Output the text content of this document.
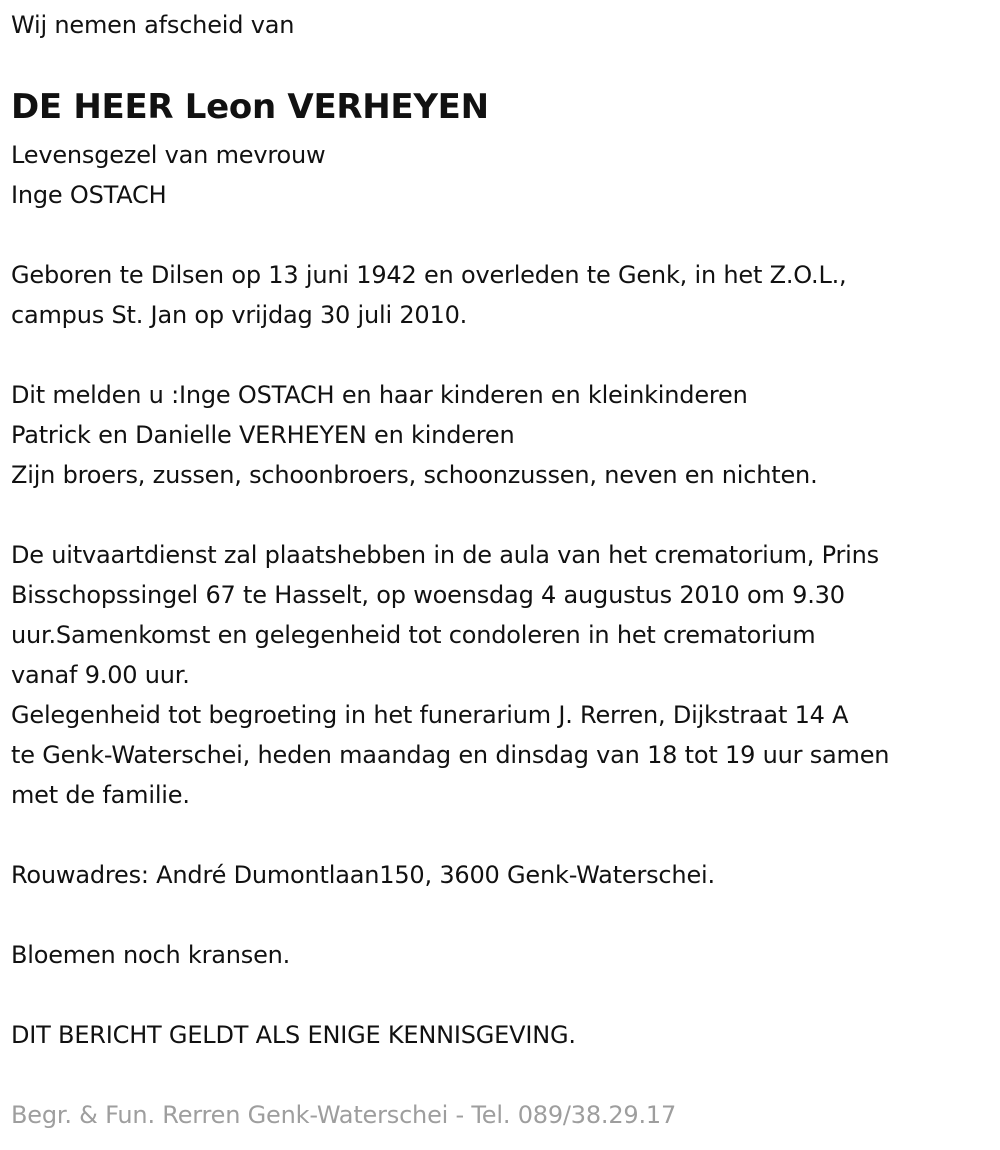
Wij nemen afscheid van
DE HEER Leon VERHEYEN
Levensgezel van mevrouw
Inge OSTACH
Geboren te Dilsen op 13 juni 1942 en overleden te Genk, in het Z.O.L.,
campus St. Jan op vrijdag 30 juli 2010.
Dit melden u :Inge OSTACH en haar kinderen en kleinkinderen
Patrick en Danielle VERHEYEN en kinderen
Zijn broers, zussen, schoonbroers, schoonzussen, neven en nichten.
De uitvaartdienst zal plaatshebben in de aula van het crematorium, Prins
Bisschopssingel 67 te Hasselt, op woensdag 4 augustus 2010 om 9.30
uur.Samenkomst en gelegenheid tot condoleren in het crematorium
vanaf 9.00 uur.
Gelegenheid tot begroeting in het funerarium J. Rerren, Dijkstraat 14 A
te Genk-Waterschei, heden maandag en dinsdag van 18 tot 19 uur samen
met de familie.
Rouwadres: André Dumontlaan150, 3600 Genk-Waterschei.
Bloemen noch kransen.
DIT BERICHT GELDT ALS ENIGE KENNISGEVING.
Begr. & Fun. Rerren Genk-Waterschei - Tel. 089/38.29.17
